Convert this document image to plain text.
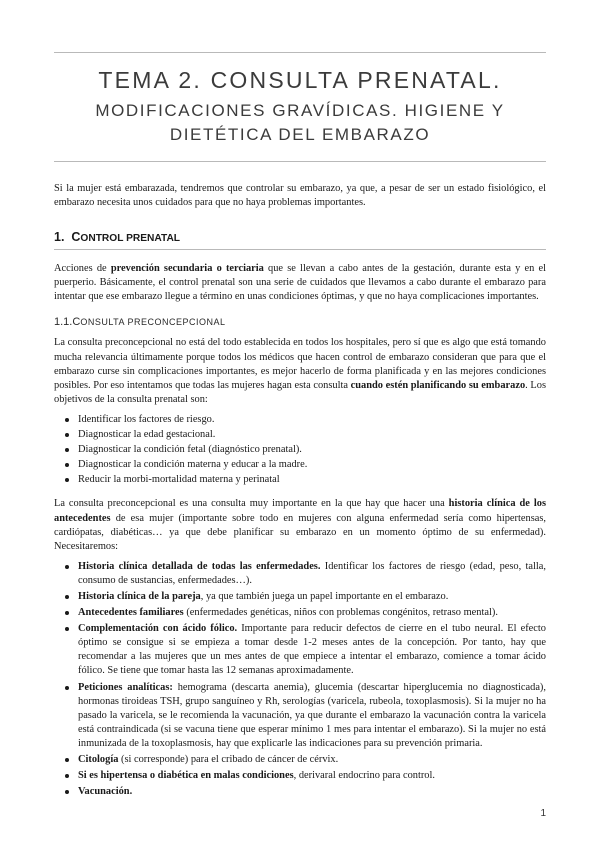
TEMA 2. CONSULTA PRENATAL.
MODIFICACIONES GRAVÍDICAS. HIGIENE Y
DIETÉTICA DEL EMBARAZO

Si la mujer está embarazada, tendremos que controlar su embarazo, ya que, a pesar de ser un estado fisiológico, el embarazo necesita unos cuidados para que no haya problemas importantes.

1. CONTROL PRENATAL

Acciones de prevención secundaria o terciaria que se llevan a cabo antes de la gestación, durante esta y en el puerperio. Básicamente, el control prenatal son una serie de cuidados que llevamos a cabo durante el embarazo para intentar que ese embarazo llegue a término en unas condiciones óptimas, y que no haya complicaciones importantes.

1.1.CONSULTA PRECONCEPCIONAL

La consulta preconcepcional no está del todo establecida en todos los hospitales, pero sí que es algo que está tomando mucha relevancia últimamente porque todos los médicos que hacen control de embarazo consideran que para que el embarazo curse sin complicaciones importantes, es mejor hacerlo de forma planificada y en las mejores condiciones posibles. Por eso intentamos que todas las mujeres hagan esta consulta cuando estén planificando su embarazo. Los objetivos de la consulta prenatal son:

Identificar los factores de riesgo.
Diagnosticar la edad gestacional.
Diagnosticar la condición fetal (diagnóstico prenatal).
Diagnosticar la condición materna y educar a la madre.
Reducir la morbi-mortalidad materna y perinatal

La consulta preconcepcional es una consulta muy importante en la que hay que hacer una historia clínica de los antecedentes de esa mujer (importante sobre todo en mujeres con alguna enfermedad sería como hipertensas, cardiópatas, diabéticas… ya que debe planificar su embarazo en un momento óptimo de su enfermedad). Necesitaremos:

Historia clínica detallada de todas las enfermedades. Identificar los factores de riesgo (edad, peso, talla, consumo de sustancias, enfermedades…).
Historia clínica de la pareja, ya que también juega un papel importante en el embarazo.
Antecedentes familiares (enfermedades genéticas, niños con problemas congénitos, retraso mental).
Complementación con ácido fólico. Importante para reducir defectos de cierre en el tubo neural. El efecto óptimo se consigue si se empieza a tomar desde 1-2 meses antes de la concepción. Por tanto, hay que recomendar a las mujeres que un mes antes de que empiece a intentar el embarazo, comience a tomar ácido fólico. Se tiene que tomar hasta las 12 semanas aproximadamente.
Peticiones analíticas: hemograma (descarta anemia), glucemia (descartar hiperglucemia no diagnosticada), hormonas tiroideas TSH, grupo sanguíneo y Rh, serologías (varicela, rubeola, toxoplasmosis). Si la mujer no ha pasado la varicela, se le recomienda la vacunación, ya que durante el embarazo la vacunación contra la varicela está contraindicada (si se vacuna tiene que esperar mínimo 1 mes para intentar el embarazo). Si la mujer no está inmunizada de la toxoplasmosis, hay que explicarle las indicaciones para su prevención primaria.
Citología (si corresponde) para el cribado de cáncer de cérvix.
Si es hipertensa o diabética en malas condiciones, derivaral endocrino para control.
Vacunación.
1
